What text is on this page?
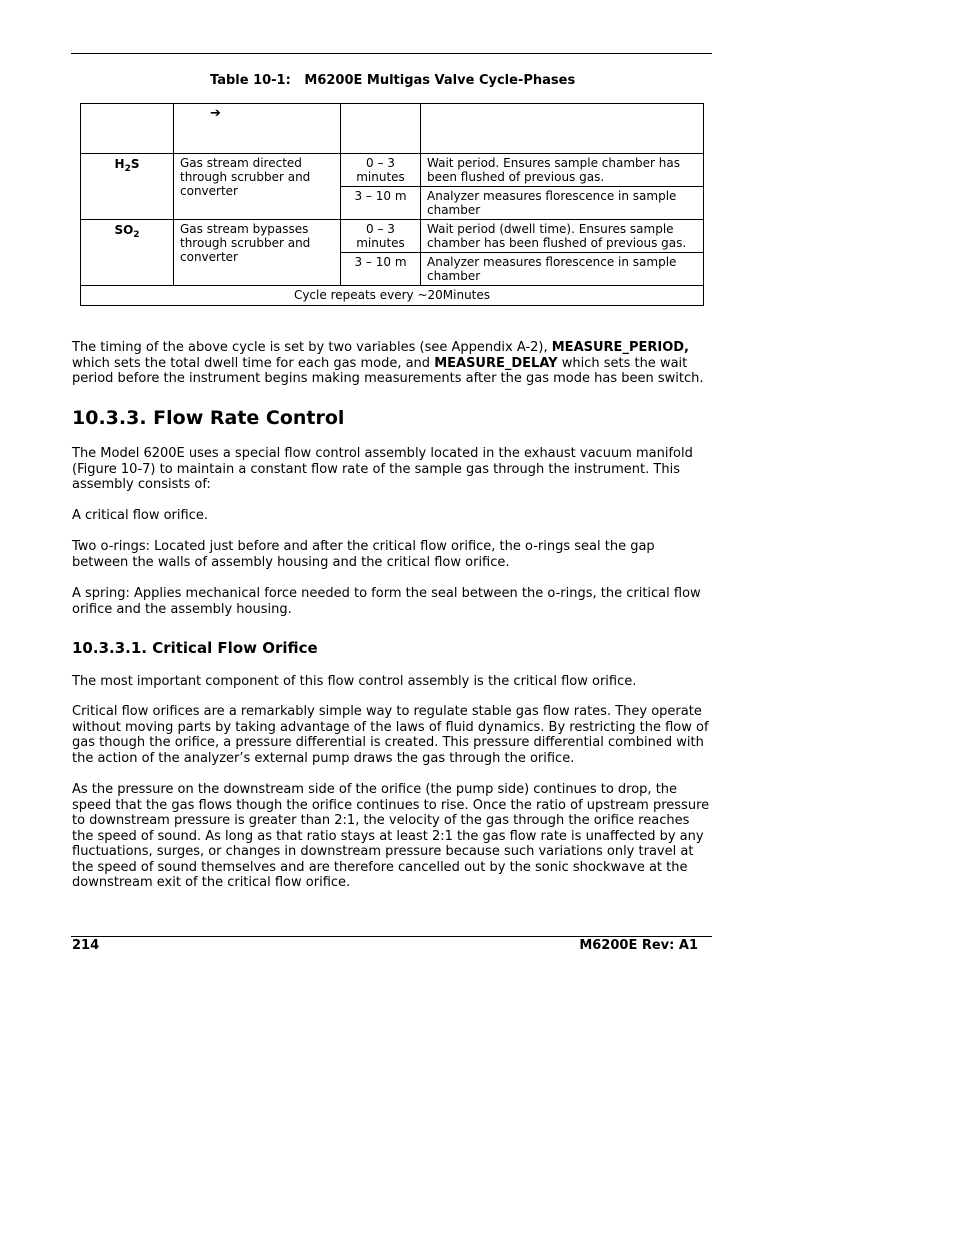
Table 10-1:   M6200E Multigas Valve Cycle-Phases
	➔		
$H_2S$	Gas stream directed through scrubber and converter	0 – 3 minutes	Wait period. Ensures sample chamber has been flushed of previous gas.
		3 – 10 m	Analyzer measures florescence in sample chamber
$SO_2$	Gas stream bypasses through scrubber and converter	0 – 3 minutes	Wait period (dwell time). Ensures sample chamber has been flushed of previous gas.
		3 – 10 m	Analyzer measures florescence in sample chamber
Cycle repeats every ~20Minutes			

The timing of the above cycle is set by two variables (see Appendix A-2), MEASURE_PERIOD, which sets the total dwell time for each gas mode, and MEASURE_DELAY which sets the wait period before the instrument begins making measurements after the gas mode has been switch.

10.3.3. Flow Rate Control

The Model 6200E uses a special flow control assembly located in the exhaust vacuum manifold (Figure 10-7) to maintain a constant flow rate of the sample gas through the instrument. This assembly consists of:

A critical flow orifice.

Two o-rings: Located just before and after the critical flow orifice, the o-rings seal the gap between the walls of assembly housing and the critical flow orifice.

A spring: Applies mechanical force needed to form the seal between the o-rings, the critical flow orifice and the assembly housing.

10.3.3.1. Critical Flow Orifice

The most important component of this flow control assembly is the critical flow orifice.

Critical flow orifices are a remarkably simple way to regulate stable gas flow rates. They operate without moving parts by taking advantage of the laws of fluid dynamics. By restricting the flow of gas though the orifice, a pressure differential is created. This pressure differential combined with the action of the analyzer’s external pump draws the gas through the orifice.

As the pressure on the downstream side of the orifice (the pump side) continues to drop, the speed that the gas flows though the orifice continues to rise. Once the ratio of upstream pressure to downstream pressure is greater than 2:1, the velocity of the gas through the orifice reaches the speed of sound. As long as that ratio stays at least 2:1 the gas flow rate is unaffected by any fluctuations, surges, or changes in downstream pressure because such variations only travel at the speed of sound themselves and are therefore cancelled out by the sonic shockwave at the downstream exit of the critical flow orifice.

214	M6200E Rev: A1
